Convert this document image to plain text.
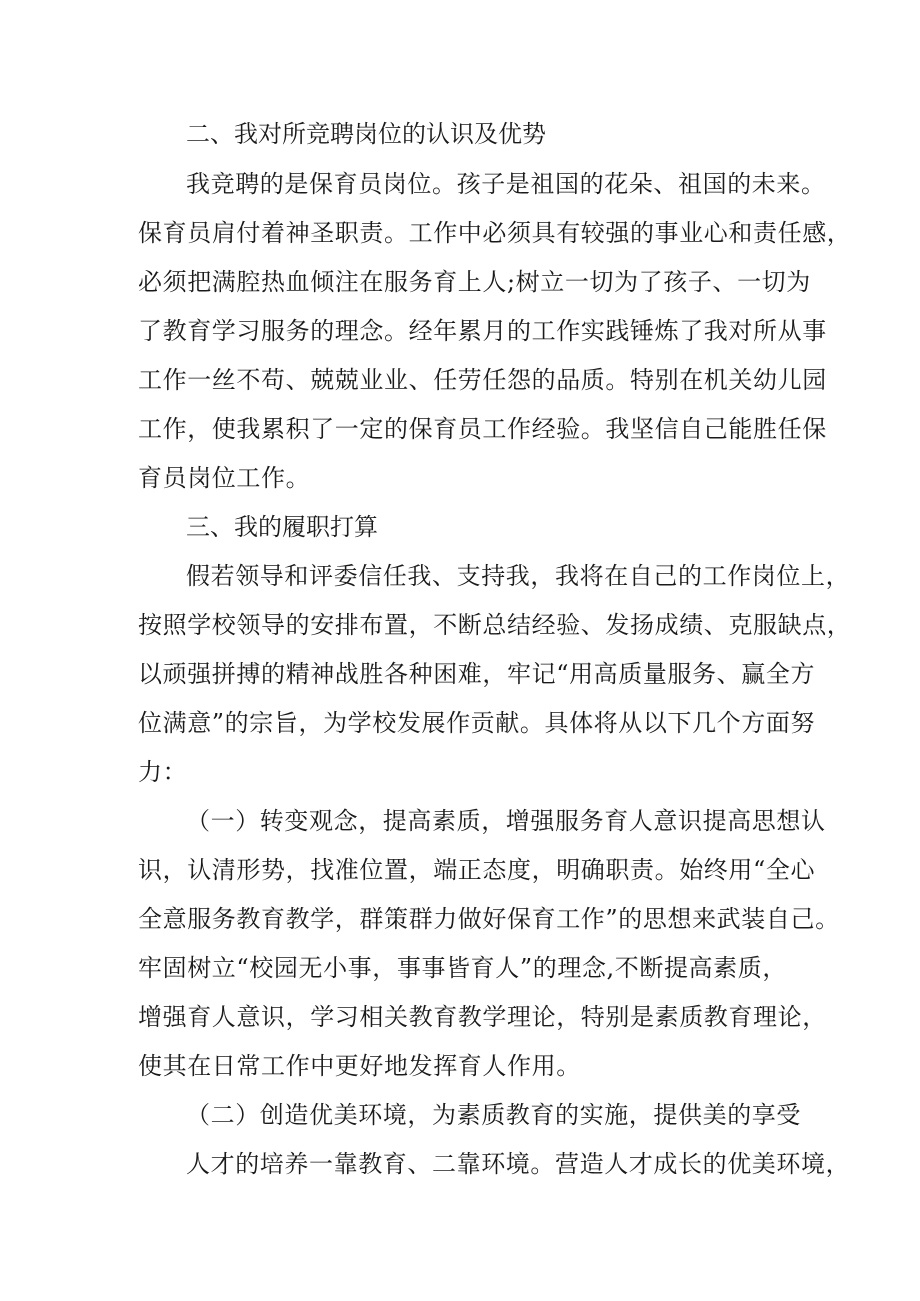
二、我对所竞聘岗位的认识及优势
我竞聘的是保育员岗位。孩子是祖国的花朵、祖国的未来。
保育员肩付着神圣职责。工作中必须具有较强的事业心和责任感，
必须把满腔热血倾注在服务育上人;树立一切为了孩子、一切为
了教育学习服务的理念。经年累月的工作实践锤炼了我对所从事
工作一丝不苟、兢兢业业、任劳任怨的品质。特别在机关幼儿园
工作，使我累积了一定的保育员工作经验。我坚信自己能胜任保
育员岗位工作。
三、我的履职打算
假若领导和评委信任我、支持我，我将在自己的工作岗位上，
按照学校领导的安排布置，不断总结经验、发扬成绩、克服缺点，
以顽强拼搏的精神战胜各种困难，牢记“用高质量服务、赢全方
位满意”的宗旨，为学校发展作贡献。具体将从以下几个方面努
力：
（一）转变观念，提高素质，增强服务育人意识提高思想认
识，认清形势，找准位置，端正态度，明确职责。始终用“全心
全意服务教育教学，群策群力做好保育工作”的思想来武装自己。
牢固树立“校园无小事，事事皆育人”的理念,不断提高素质，
增强育人意识，学习相关教育教学理论，特别是素质教育理论，
使其在日常工作中更好地发挥育人作用。
（二）创造优美环境，为素质教育的实施，提供美的享受
人才的培养一靠教育、二靠环境。营造人才成长的优美环境，
